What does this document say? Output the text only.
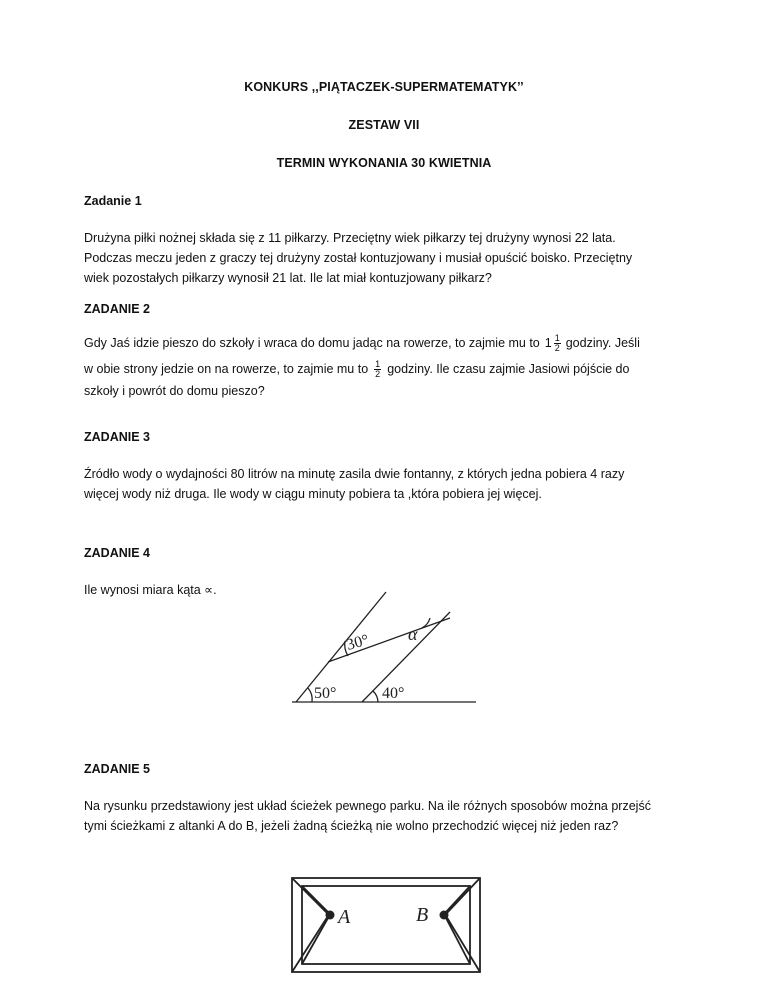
KONKURS ,,PIĄTACZEK-SUPERMATEMATYK’’
ZESTAW VII
TERMIN WYKONANIA 30 KWIETNIA
Zadanie 1
Drużyna piłki nożnej składa się z 11 piłkarzy. Przeciętny wiek piłkarzy tej drużyny wynosi 22 lata.
Podczas meczu jeden z graczy tej drużyny został kontuzjowany i musiał opuścić boisko. Przeciętny
wiek pozostałych piłkarzy wynosił 21 lat. Ile lat miał kontuzjowany piłkarz?
ZADANIE 2
Gdy Jaś idzie pieszo do szkoły i wraca do domu jadąc na rowerze, to zajmie mu to $1 \frac{1}{2}$ godziny. Jeśli
w obie strony jedzie on na rowerze, to zajmie mu to $\frac{1}{2}$ godziny. Ile czasu zajmie Jasiowi pójście do
szkoły i powrót do domu pieszo?
ZADANIE 3
Źródło wody o wydajności 80 litrów na minutę zasila dwie fontanny, z których jedna pobiera 4 razy
więcej wody niż druga. Ile wody w ciągu minuty pobiera ta ,która pobiera jej więcej.
ZADANIE 4
Ile wynosi miara kąta ∝.
30° α
50°	40°
ZADANIE 5
Na rysunku przedstawiony jest układ ścieżek pewnego parku. Na ile różnych sposobów można przejść
tymi ścieżkami z altanki A do B, jeżeli żadną ścieżką nie wolno przechodzić więcej niż jeden raz?
A	B
